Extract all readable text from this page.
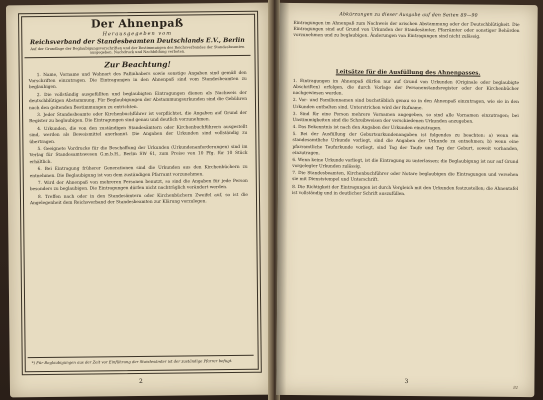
Der Ahnenpaß
Herausgegeben vom
Reichsverband der Standesbeamten Deutschlands E.V., Berlin
Auf der Grundlage der Beglaubigungsvorschriften und der Bestimmungen des Reichsverbandes der Standesbeamten ausgegeben. Nachdruck und Nachbildung verboten.
Zur Beachtung!

1. Name, Vorname und Wohnort des Paßinhabers sowie sonstige Angaben sind gemäß den Vorschriften einzutragen. Die Eintragungen in den Ahnenpaß sind vom Standesbeamten zu beglaubigen.

2. Die vollständig ausgefüllten und beglaubigten Eintragungen dienen als Nachweis der deutschblütigen Abstammung. Für Beglaubigungen der Abstammungsurkunden sind die Gebühren nach den geltenden Bestimmungen zu entrichten.

3. Jeder Standesbeamte oder Kirchenbuchführer ist verpflichtet, die Angaben auf Grund der Register zu beglaubigen. Die Eintragungen sind genau und deutlich vorzunehmen.

4. Urkunden, die von den zuständigen Standesämtern oder Kirchenbuchführern ausgestellt sind, werden als Beweismittel anerkannt. Die Angaben der Urkunden sind vollständig zu übertragen.

5. Geeignete Vordrucke für die Beschaffung der Urkunden (Urkundenanforderungen) sind im Verlag für Standesamtswesen G.m.b.H., Berlin SW 61, zum Preise von 10 Pfg. für 10 Stück erhältlich.

6. Bei Eintragung früherer Generationen sind die Urkunden aus den Kirchenbüchern zu entnehmen. Die Beglaubigung ist von dem zuständigen Pfarramt vorzunehmen.

7. Wird der Ahnenpaß von mehreren Personen benutzt, so sind die Angaben für jede Person besonders zu beglaubigen. Die Eintragungen dürfen nicht nachträglich verändert werden.

8. Treffen nach oder in den Standesämtern oder Kirchenbüchern Zweifel auf, so ist die Angelegenheit dem Reichsverband der Standesbeamten zur Klärung vorzulegen.

*) Für Beglaubigungen aus der Zeit vor Einführung der Standesämter ist der zuständige Pfarrer befugt.
2
Abkürzungen zu dieser Ausgabe auf den Seiten 89—90
Eintragungen im Ahnenpaß zum Nachweis der arischen Abstammung oder der Deutschblütigkeit. Die Eintragungen sind auf Grund von Urkunden der Standesämter, Pfarrämter oder sonstiger Behörden vorzunehmen und zu beglaubigen. Änderungen von Eintragungen sind nicht zulässig.
Leitsätze für die Ausfüllung des Ahnenpasses.

1. Eintragungen im Ahnenpaß dürfen nur auf Grund von Urkunden (Originale oder beglaubigte Abschriften) erfolgen, die durch Vorlage der Personenstandsregister oder der Kirchenbücher nachgewiesen werden.

2. Vor- und Familiennamen sind buchstäblich genau so in den Ahnenpaß einzutragen, wie sie in den Urkunden enthalten sind. Unterstrichen wird der Rufname.

3. Sind für eine Person mehrere Vornamen angegeben, so sind alle Vornamen einzutragen; bei Unstimmigkeiten sind die Schreibweisen der verschiedenen Urkunden anzugeben.

4. Das Bekenntnis ist nach den Angaben der Urkunden einzutragen.

5. Bei der Ausfüllung der Geburtsurkundenangaben ist folgendes zu beachten: a) wenn ein standesamtliche Urkunde vorliegt, sind die Angaben der Urkunde zu entnehmen; b) wenn eine pfarramtliche Taufurkunde vorliegt, sind Tag der Taufe und Tag der Geburt, soweit vorhanden, einzutragen.

6. Wenn keine Urkunde vorliegt, ist die Eintragung zu unterlassen; die Beglaubigung ist nur auf Grund vorgelegter Urkunden zulässig.

7. Die Standesbeamten, Kirchenbuchführer oder Notare beglaubigen die Eintragungen und versehen sie mit Dienststempel und Unterschrift.

8. Die Richtigkeit der Eintragungen ist durch Vergleich mit den Urkunden festzustellen; die Ahnentafel ist vollständig und in deutlicher Schrift auszufüllen.

3
81
